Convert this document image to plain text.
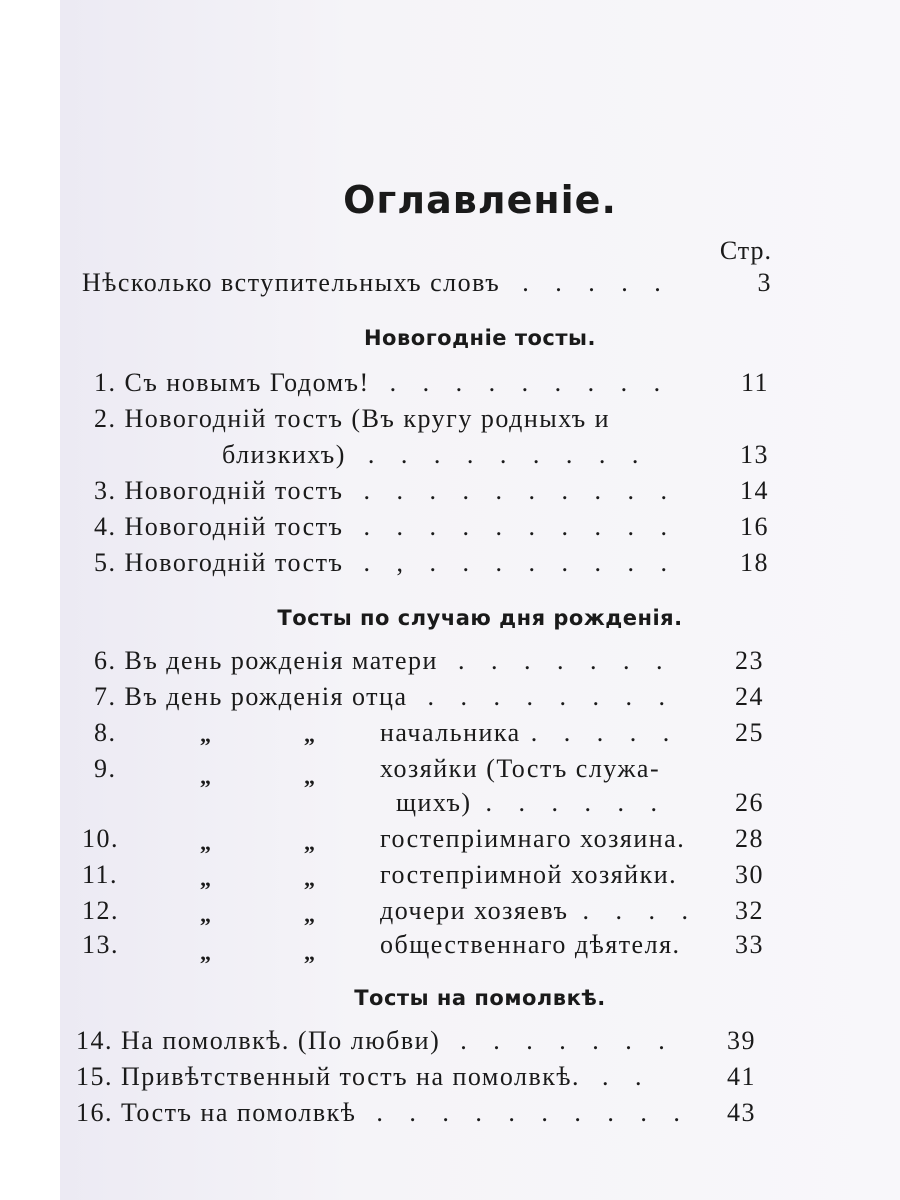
Оглавленіе.
Стр.
Нѣсколько вступительныхъ словъ . . . . .	3
Новогодніе тосты.
1. Съ новымъ Годомъ! . . . . . . . . .	11
2. Новогодній тостъ (Въ кругу родныхъ и
близкихъ) . . . . . . . . .	13
3. Новогодній тостъ . . . . . . . . . . 14
4. Новогодній тостъ . . . . . . . . . . 16
5. Новогодній тостъ . , . . . . . . . . 18
Тосты по случаю дня рожденія.
6. Въ день рожденія матери . . . . . . . 23
7. Въ день рожденія отца . . . . . . . . 24
8.	„	„ начальника . . . . . 25
9.	„	„ хозяйки (Тостъ служа-
щихъ) . . . . . .	26
10.	„	„ гостепріимнаго хозяина. 28
11.	„	„ гостепріимной хозяйки. 30
12.	„	„ дочери хозяевъ . . . . 32
13.	„	„ общественнаго дѣятеля. 33
Тосты на помолвкѣ.
14. На помолвкѣ. (По любви) . . . . . . . 39
15. Привѣтственный тостъ на помолвкѣ. . .	41
16. Тостъ на помолвкѣ . . . . . . . . . . 43
